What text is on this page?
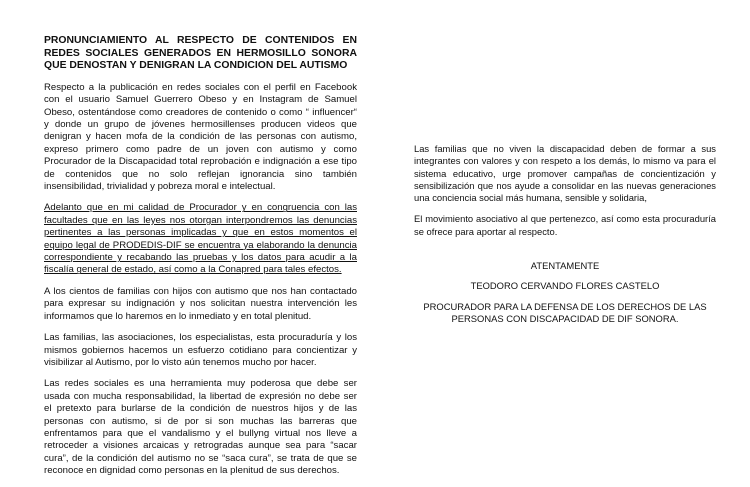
PRONUNCIAMIENTO AL RESPECTO DE CONTENIDOS EN REDES SOCIALES GENERADOS EN HERMOSILLO SONORA QUE DENOSTAN Y DENIGRAN LA CONDICION DEL AUTISMO

Respecto a la publicación en redes sociales con el perfil en Facebook con el usuario Samuel Guerrero Obeso y en Instagram de Samuel Obeso, ostentándose como creadores de contenido o como “ influencer“ y donde un grupo de jóvenes hermosillenses producen videos que denigran y hacen mofa de la condición de las personas con autismo, expreso primero como padre de un joven con autismo y como Procurador de la Discapacidad total reprobación e indignación a ese tipo de contenidos que no solo reflejan ignorancia sino también insensibilidad, trivialidad y pobreza moral e intelectual.

Adelanto que en mi calidad de Procurador y en congruencia con las facultades que en las leyes nos otorgan interpondremos las denuncias pertinentes a las personas implicadas y que en estos momentos el equipo legal de PRODEDIS-DIF se encuentra ya elaborando la denuncia correspondiente y recabando las pruebas y los datos para acudir a la fiscalía general de estado, así como a la Conapred para tales efectos.

A los cientos de familias con hijos con autismo que nos han contactado para expresar su indignación y nos solicitan nuestra intervención les informamos que lo haremos en lo inmediato y en total plenitud.

Las familias, las asociaciones, los especialistas, esta procuraduría y los mismos gobiernos hacemos un esfuerzo cotidiano para concientizar y visibilizar al Autismo, por lo visto aún tenemos mucho por hacer.

Las redes sociales es una herramienta muy poderosa que debe ser usada con mucha responsabilidad, la libertad de expresión no debe ser el pretexto para burlarse de la condición de nuestros hijos y de las personas con autismo, si de por si son muchas las barreras que enfrentamos para que el vandalismo y el bullyng virtual nos lleve a retroceder a visiones arcaicas y retrogradas aunque sea para “sacar cura”, de la condición del autismo no se “saca cura”, se trata de que se reconoce en dignidad como personas en la plenitud de sus derechos.

Las familias que no viven la discapacidad deben de formar a sus integrantes con valores y con respeto a los demás, lo mismo va para el sistema educativo, urge promover campañas de concientización y sensibilización que nos ayude a consolidar en las nuevas generaciones una conciencia social más humana, sensible y solidaria,

El movimiento asociativo al que pertenezco, así como esta procuraduría se ofrece para aportar al respecto.

ATENTAMENTE

TEODORO CERVANDO FLORES CASTELO

PROCURADOR PARA LA DEFENSA DE LOS DERECHOS DE LAS PERSONAS CON DISCAPACIDAD DE DIF SONORA.
